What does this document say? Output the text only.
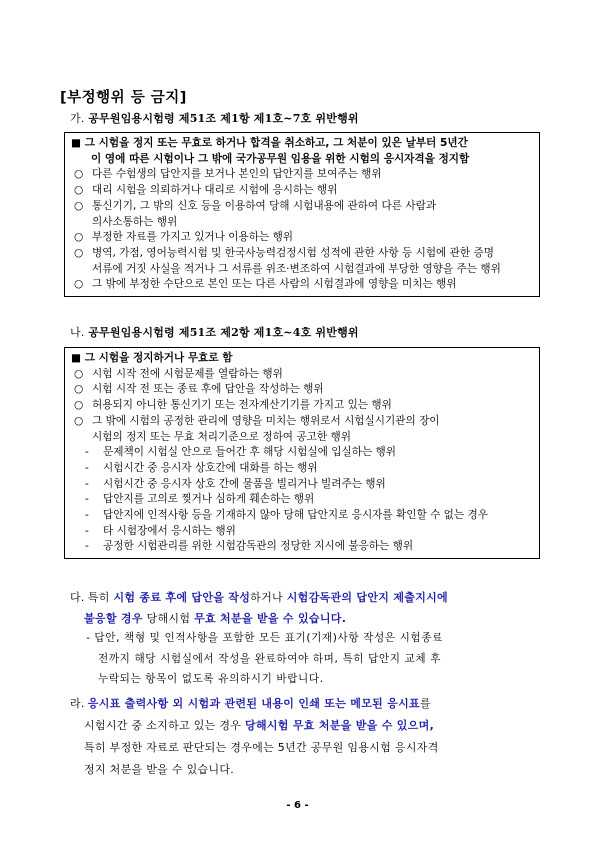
[부정행위 등 금지]
가. 공무원임용시험령 제51조 제1항 제1호~7호 위반행위
■ 그 시험을 정지 또는 무효로 하거나 합격을 취소하고, 그 처분이 있은 날부터 5년간
이 영에 따른 시험이나 그 밖에 국가공무원 임용을 위한 시험의 응시자격을 정지함
○ 다른 수험생의 답안지를 보거나 본인의 답안지를 보여주는 행위
○ 대리 시험을 의뢰하거나 대리로 시험에 응시하는 행위
○ 통신기기, 그 밖의 신호 등을 이용하여 당해 시험내용에 관하여 다른 사람과
의사소통하는 행위
○ 부정한 자료를 가지고 있거나 이용하는 행위
○ 병역, 가점, 영어능력시험 및 한국사능력검정시험 성적에 관한 사항 등 시험에 관한 증명
서류에 거짓 사실을 적거나 그 서류를 위조·변조하여 시험결과에 부당한 영향을 주는 행위
○ 그 밖에 부정한 수단으로 본인 또는 다른 사람의 시험결과에 영향을 미치는 행위
나. 공무원임용시험령 제51조 제2항 제1호~4호 위반행위
■ 그 시험을 정지하거나 무효로 함
○ 시험 시작 전에 시험문제를 열람하는 행위
○ 시험 시작 전 또는 종료 후에 답안을 작성하는 행위
○ 허용되지 아니한 통신기기 또는 전자계산기기를 가지고 있는 행위
○ 그 밖에 시험의 공정한 관리에 영향을 미치는 행위로서 시험실시기관의 장이
시험의 정지 또는 무효 처리기준으로 정하여 공고한 행위
-	문제책이 시험실 안으로 들어간 후 해당 시험실에 입실하는 행위
-	시험시간 중 응시자 상호간에 대화를 하는 행위
-	시험시간 중 응시자 상호 간에 물품을 빌리거나 빌려주는 행위
-	답안지를 고의로 찢거나 심하게 훼손하는 행위
-	답안지에 인적사항 등을 기재하지 않아 당해 답안지로 응시자를 확인할 수 없는 경우
-	타 시험장에서 응시하는 행위
-	공정한 시험관리를 위한 시험감독관의 정당한 지시에 불응하는 행위
다. 특히 시험 종료 후에 답안을 작성하거나 시험감독관의 답안지 제출지시에
불응할 경우 당해시험 무효 처분을 받을 수 있습니다.
- 답안, 책형 및 인적사항을 포함한 모든 표기(기재)사항 작성은 시험종료
전까지 해당 시험실에서 작성을 완료하여야 하며, 특히 답안지 교체 후
누락되는 항목이 없도록 유의하시기 바랍니다.
라. 응시표 출력사항 외 시험과 관련된 내용이 인쇄 또는 메모된 응시표를
시험시간 중 소지하고 있는 경우 당해시험 무효 처분을 받을 수 있으며,
특히 부정한 자료로 판단되는 경우에는 5년간 공무원 임용시험 응시자격
정지 처분을 받을 수 있습니다.
- 6 -
